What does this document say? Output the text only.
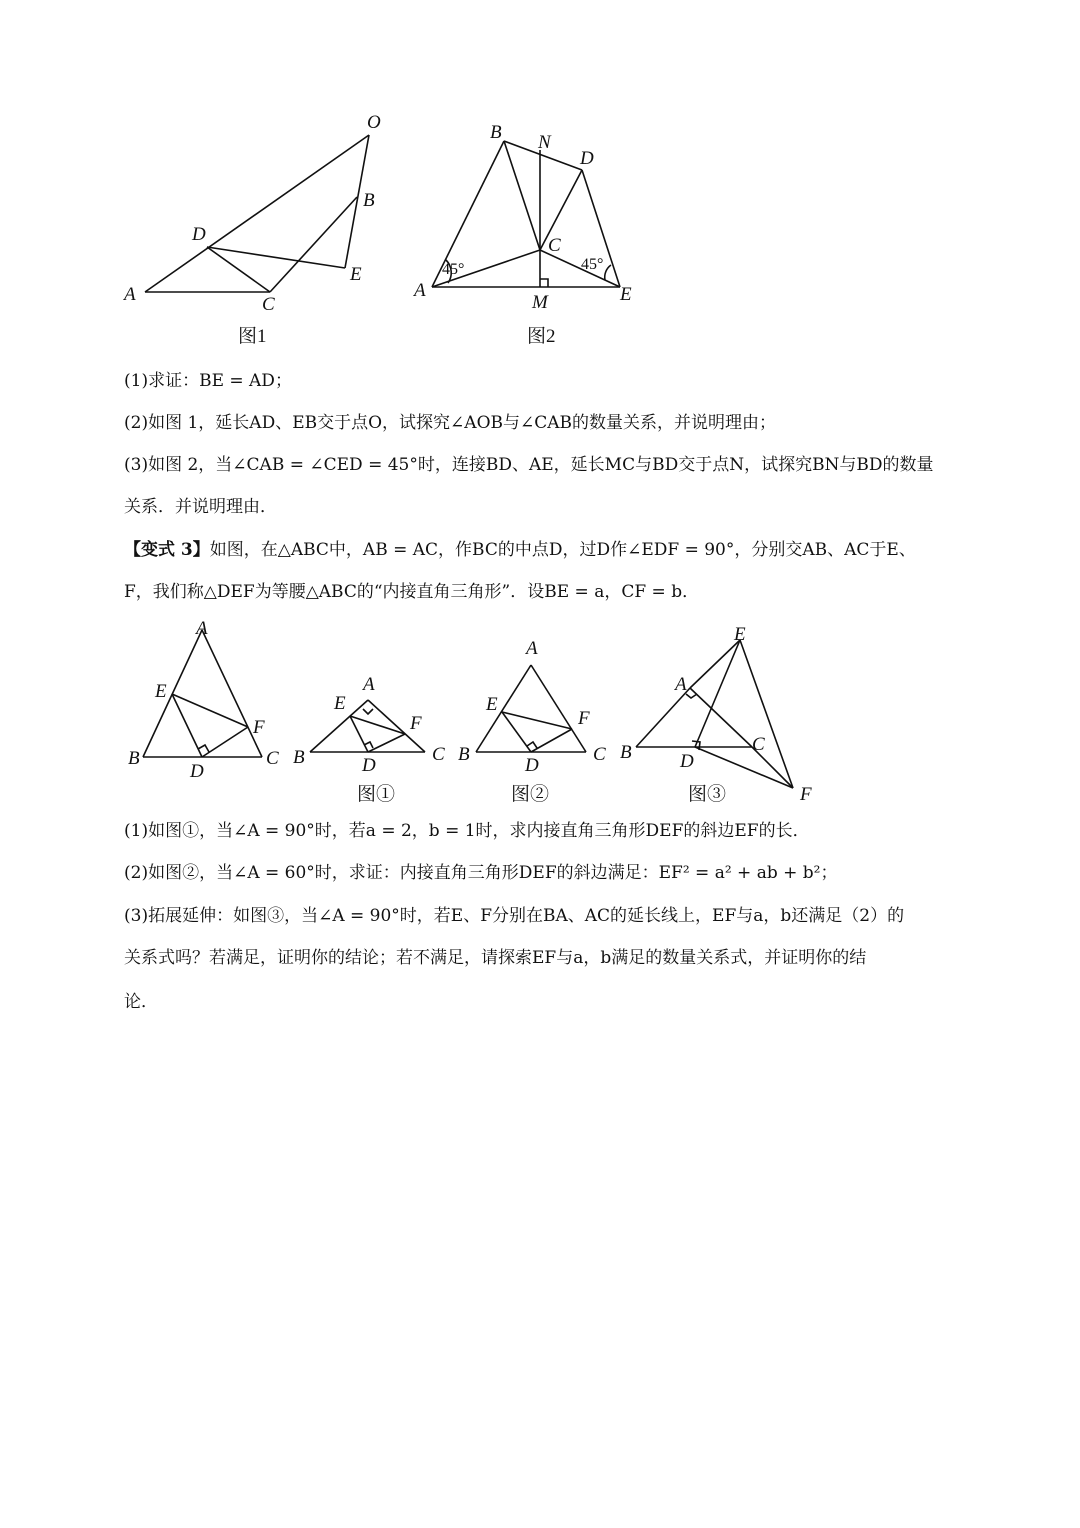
O
B
D
E
A	C
图1
B N
D
C
A
M	E
45°	45°
图2
(1)求证：BE = AD；
(2)如图 1，延长AD、EB交于点O，试探究∠AOB与∠CAB的数量关系，并说明理由；
(3)如图 2，当∠CAB = ∠CED = 45°时，连接BD、AE，延长MC与BD交于点N，试探究BN与BD的数量
关系．并说明理由．
【变式 3】如图，在△ABC中，AB = AC，作BC的中点D，过D作∠EDF = 90°，分别交AB、AC于E、
F，我们称△DEF为等腰△ABC的“内接直角三角形”．设BE = a，CF = b．
A
E
F
B
D
C
A
E
F
B	D
C
图①
A
E
F
B
D
C
图②
E
A
C
B	D
F
图③
(1)如图①，当∠A = 90°时，若a = 2，b = 1时，求内接直角三角形DEF的斜边EF的长．
(2)如图②，当∠A = 60°时，求证：内接直角三角形DEF的斜边满足：EF² = a² + ab + b²；
(3)拓展延伸：如图③，当∠A = 90°时，若E、F分别在BA、AC的延长线上，EF与a，b还满足（2）的
关系式吗？若满足，证明你的结论；若不满足，请探索EF与a，b满足的数量关系式，并证明你的结
论．
